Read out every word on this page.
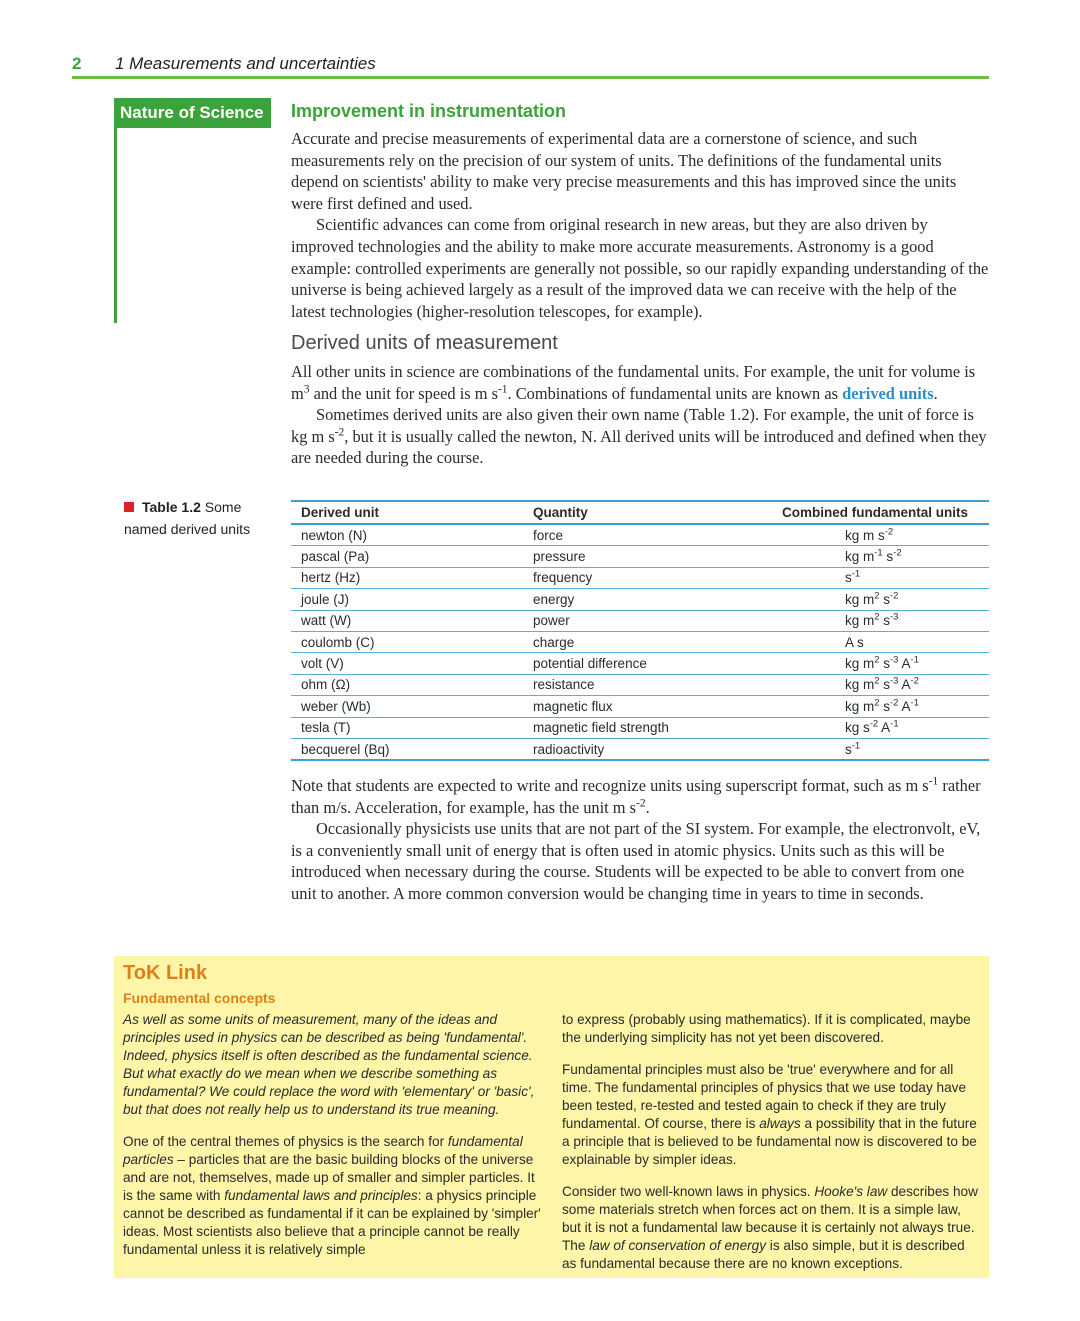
2 1 Measurements and uncertainties
Nature of Science	Improvement in instrumentation

Accurate and precise measurements of experimental data are a cornerstone of science, and such measurements rely on the precision of our system of units. The definitions of the fundamental units depend on scientists' ability to make very precise measurements and this has improved since the units were first defined and used.

Scientific advances can come from original research in new areas, but they are also driven by improved technologies and the ability to make more accurate measurements. Astronomy is a good example: controlled experiments are generally not possible, so our rapidly expanding understanding of the universe is being achieved largely as a result of the improved data we can receive with the help of the latest technologies (higher-resolution telescopes, for example).

Derived units of measurement

All other units in science are combinations of the fundamental units. For example, the unit for volume is $m^3$ and the unit for speed is m $s^{-1}$. Combinations of fundamental units are known as derived units.

Sometimes derived units are also given their own name (Table 1.2). For example, the unit of force is kg m $s^{-2}$, but it is usually called the newton, N. All derived units will be introduced and defined when they are needed during the course.

Table 1.2 Some named derived units
Derived unit	Quantity	Combined fundamental units
newton (N)	force	kg m $s^{-2}$
pascal (Pa)	pressure	kg $m^{-1}$ $s^{-2}$
hertz (Hz)	frequency	$s^{-1}$
joule (J)	energy	kg $m^2$ $s^{-2}$
watt (W)	power	kg $m^2$ $s^{-3}$
coulomb (C)	charge	A s
volt (V)	potential difference	kg $m^2$ $s^{-3}$ $A^{-1}$
ohm (Ω)	resistance	kg $m^2$ $s^{-3}$ $A^{-2}$
weber (Wb)	magnetic flux	kg $m^2$ $s^{-2}$ $A^{-1}$
tesla (T)	magnetic field strength	kg $s^{-2}$ $A^{-1}$
becquerel (Bq)	radioactivity	$s^{-1}$

Note that students are expected to write and recognize units using superscript format, such as m $s^{-1}$ rather than m/s. Acceleration, for example, has the unit m $s^{-2}$.

Occasionally physicists use units that are not part of the SI system. For example, the electronvolt, eV, is a conveniently small unit of energy that is often used in atomic physics. Units such as this will be introduced when necessary during the course. Students will be expected to be able to convert from one unit to another. A more common conversion would be changing time in years to time in seconds.

ToK Link
Fundamental concepts

As well as some units of measurement, many of the ideas and principles used in physics can be described as being 'fundamental'. Indeed, physics itself is often described as the fundamental science. But what exactly do we mean when we describe something as fundamental? We could replace the word with 'elementary' or 'basic', but that does not really help us to understand its true meaning.

One of the central themes of physics is the search for fundamental particles – particles that are the basic building blocks of the universe and are not, themselves, made up of smaller and simpler particles. It is the same with fundamental laws and principles: a physics principle cannot be described as fundamental if it can be explained by 'simpler' ideas. Most scientists also believe that a principle cannot be really fundamental unless it is relatively simple

to express (probably using mathematics). If it is complicated, maybe the underlying simplicity has not yet been discovered.

Fundamental principles must also be 'true' everywhere and for all time. The fundamental principles of physics that we use today have been tested, re-tested and tested again to check if they are truly fundamental. Of course, there is always a possibility that in the future a principle that is believed to be fundamental now is discovered to be explainable by simpler ideas.

Consider two well-known laws in physics. Hooke's law describes how some materials stretch when forces act on them. It is a simple law, but it is not a fundamental law because it is certainly not always true. The law of conservation of energy is also simple, but it is described as fundamental because there are no known exceptions.
